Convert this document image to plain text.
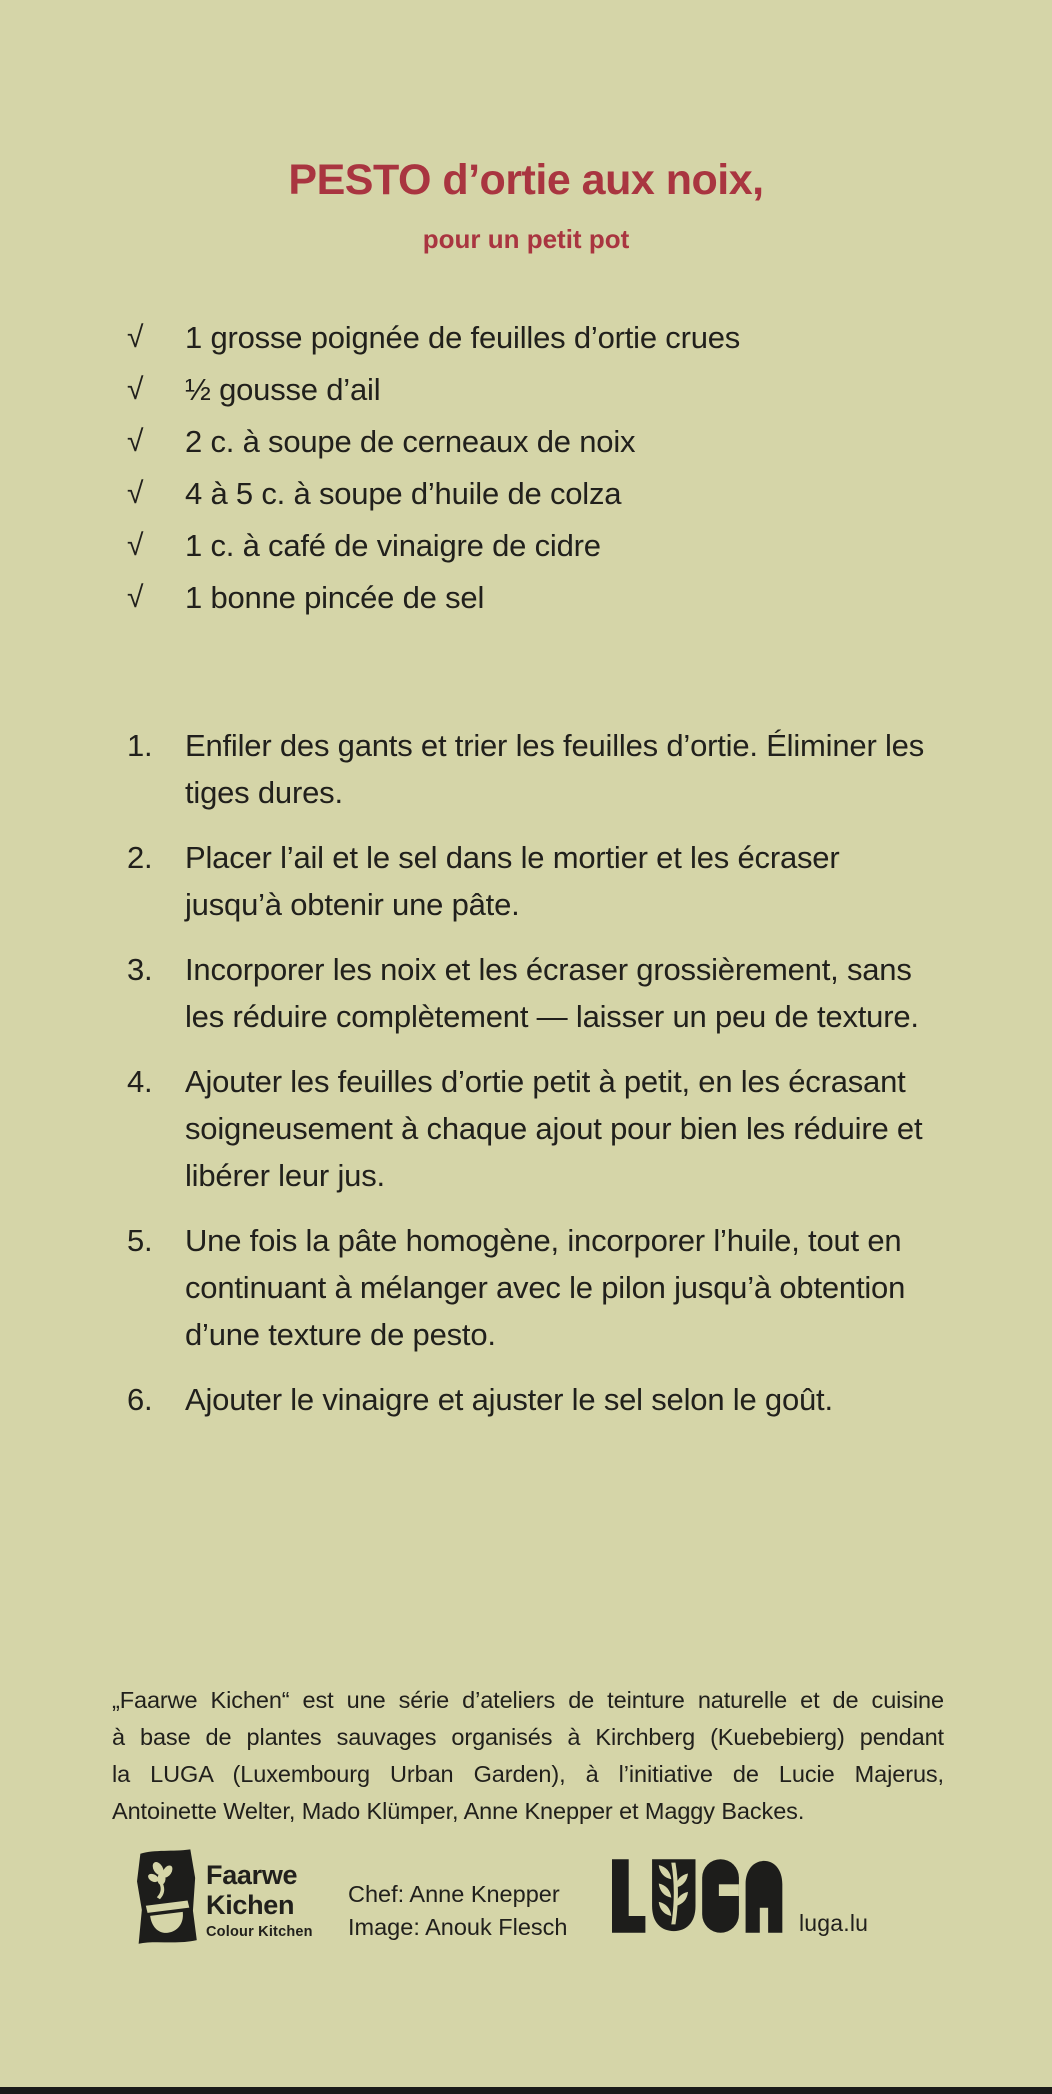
PESTO d’ortie aux noix,
pour un petit pot
√	1 grosse poignée de feuilles d’ortie crues
√	½ gousse d’ail
√	2 c. à soupe de cerneaux de noix
√	4 à 5 c. à soupe d’huile de colza
√	1 c. à café de vinaigre de cidre
√	1 bonne pincée de sel
1.	Enfiler des gants et trier les feuilles d’ortie. Éliminer les tiges dures.
2.	Placer l’ail et le sel dans le mortier et les écraser jusqu’à obtenir une pâte.
3.	Incorporer les noix et les écraser grossièrement, sans les réduire complètement — laisser un peu de texture.
4.	Ajouter les feuilles d’ortie petit à petit, en les écrasant soigneusement à chaque ajout pour bien les réduire et libérer leur jus.
5.	Une fois la pâte homogène, incorporer l’huile, tout en continuant à mélanger avec le pilon jusqu’à obtention d’une texture de pesto.
6.	Ajouter le vinaigre et ajuster le sel selon le goût.
„Faarwe Kichen“ est une série d’ateliers de teinture naturelle et de cuisine
à base de plantes sauvages organisés à Kirchberg (Kuebebierg) pendant
la LUGA (Luxembourg Urban Garden), à l’initiative de Lucie Majerus,
Antoinette Welter, Mado Klümper, Anne Knepper et Maggy Backes.
Faarwe
Kichen
Colour Kitchen
Chef: Anne Knepper
Image: Anouk Flesch	luga.lu
